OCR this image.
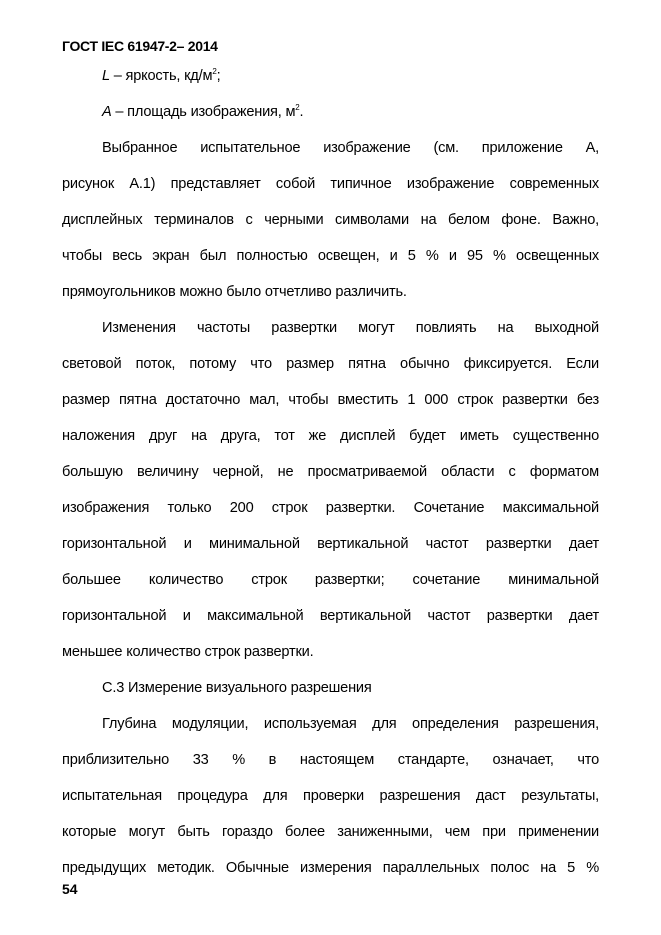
ГОСТ IEC 61947-2– 2014
L – яркость, $кд/м^2$;
А – площадь изображения, $м^2$.
Выбранное испытательное изображение (см. приложение А,
рисунок А.1) представляет собой типичное изображение современных
дисплейных терминалов с черными символами на белом фоне. Важно,
чтобы весь экран был полностью освещен, и 5 % и 95 % освещенных
прямоугольников можно было отчетливо различить.
Изменения частоты развертки могут повлиять на выходной
световой поток, потому что размер пятна обычно фиксируется. Если
размер пятна достаточно мал, чтобы вместить 1 000 строк развертки без
наложения друг на друга, тот же дисплей будет иметь существенно
большую величину черной, не просматриваемой области с форматом
изображения только 200 строк развертки. Сочетание максимальной
горизонтальной и минимальной вертикальной частот развертки дает
большее количество строк развертки; сочетание минимальной
горизонтальной и максимальной вертикальной частот развертки дает
меньшее количество строк развертки.
С.3 Измерение визуального разрешения
Глубина модуляции, используемая для определения разрешения,
приблизительно 33 % в настоящем стандарте, означает, что
испытательная процедура для проверки разрешения даст результаты,
которые могут быть гораздо более заниженными, чем при применении
предыдущих методик. Обычные измерения параллельных полос на 5 %
54
